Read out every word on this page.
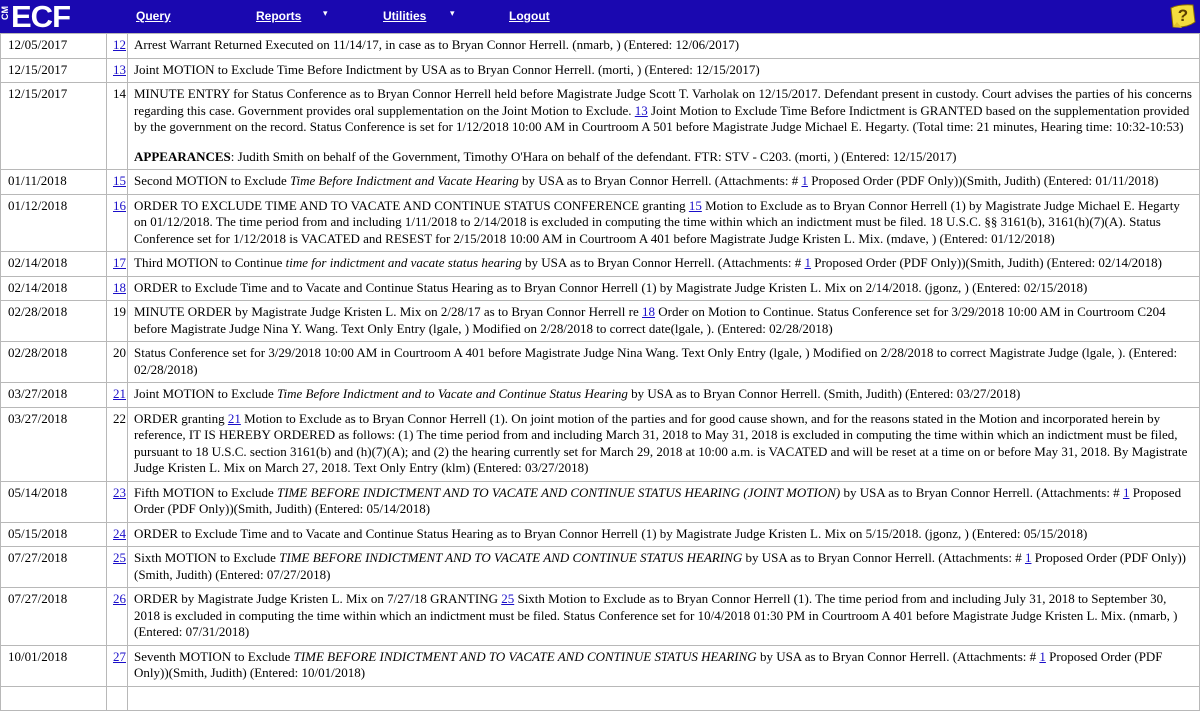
CM ECF	Query	Reports ▾	Utilities	▾	Logout	?
12/05/2017	12	Arrest Warrant Returned Executed on 11/14/17, in case as to Bryan Connor Herrell. (nmarb, ) (Entered: 12/06/2017)
12/15/2017	13	Joint MOTION to Exclude Time Before Indictment by USA as to Bryan Connor Herrell. (morti, ) (Entered: 12/15/2017)
12/15/2017	14	MINUTE ENTRY for Status Conference as to Bryan Connor Herrell held before Magistrate Judge Scott T. Varholak on 12/15/2017. Defendant present in custody. Court advises the parties of his concerns regarding this case. Government provides oral supplementation on the Joint Motion to Exclude. 13 Joint Motion to Exclude Time Before Indictment is GRANTED based on the supplementation provided by the government on the record. Status Conference is set for 1/12/2018 10:00 AM in Courtroom A 501 before Magistrate Judge Michael E. Hegarty. (Total time: 21 minutes, Hearing time: 10:32-10:53)
APPEARANCES: Judith Smith on behalf of the Government, Timothy O'Hara on behalf of the defendant. FTR: STV - C203. (morti, ) (Entered: 12/15/2017)

01/11/2018	15	Second MOTION to Exclude Time Before Indictment and Vacate Hearing by USA as to Bryan Connor Herrell. (Attachments: # 1 Proposed Order (PDF Only))(Smith, Judith) (Entered: 01/11/2018)
01/12/2018	16	ORDER TO EXCLUDE TIME AND TO VACATE AND CONTINUE STATUS CONFERENCE granting 15 Motion to Exclude as to Bryan Connor Herrell (1) by Magistrate Judge Michael E. Hegarty on 01/12/2018. The time period from and including 1/11/2018 to 2/14/2018 is excluded in computing the time within which an indictment must be filed. 18 U.S.C. §§ 3161(b), 3161(h)(7)(A). Status Conference set for 1/12/2018 is VACATED and RESEST for 2/15/2018 10:00 AM in Courtroom A 401 before Magistrate Judge Kristen L. Mix. (mdave, ) (Entered: 01/12/2018)
02/14/2018	17	Third MOTION to Continue time for indictment and vacate status hearing by USA as to Bryan Connor Herrell. (Attachments: # 1 Proposed Order (PDF Only))(Smith, Judith) (Entered: 02/14/2018)
02/14/2018	18	ORDER to Exclude Time and to Vacate and Continue Status Hearing as to Bryan Connor Herrell (1) by Magistrate Judge Kristen L. Mix on 2/14/2018. (jgonz, ) (Entered: 02/15/2018)
02/28/2018	19	MINUTE ORDER by Magistrate Judge Kristen L. Mix on 2/28/17 as to Bryan Connor Herrell re 18 Order on Motion to Continue. Status Conference set for 3/29/2018 10:00 AM in Courtroom C204 before Magistrate Judge Nina Y. Wang. Text Only Entry (lgale, ) Modified on 2/28/2018 to correct date(lgale, ). (Entered: 02/28/2018)
02/28/2018	20	Status Conference set for 3/29/2018 10:00 AM in Courtroom A 401 before Magistrate Judge Nina Wang. Text Only Entry (lgale, ) Modified on 2/28/2018 to correct Magistrate Judge (lgale, ). (Entered: 02/28/2018)
03/27/2018	21	Joint MOTION to Exclude Time Before Indictment and to Vacate and Continue Status Hearing by USA as to Bryan Connor Herrell. (Smith, Judith) (Entered: 03/27/2018)
03/27/2018	22	ORDER granting 21 Motion to Exclude as to Bryan Connor Herrell (1). On joint motion of the parties and for good cause shown, and for the reasons stated in the Motion and incorporated herein by reference, IT IS HEREBY ORDERED as follows: (1) The time period from and including March 31, 2018 to May 31, 2018 is excluded in computing the time within which an indictment must be filed, pursuant to 18 U.S.C. section 3161(b) and (h)(7)(A); and (2) the hearing currently set for March 29, 2018 at 10:00 a.m. is VACATED and will be reset at a time on or before May 31, 2018. By Magistrate Judge Kristen L. Mix on March 27, 2018. Text Only Entry (klm) (Entered: 03/27/2018)
05/14/2018	23	Fifth MOTION to Exclude TIME BEFORE INDICTMENT AND TO VACATE AND CONTINUE STATUS HEARING (JOINT MOTION) by USA as to Bryan Connor Herrell. (Attachments: # 1 Proposed Order (PDF Only))(Smith, Judith) (Entered: 05/14/2018)
05/15/2018	24	ORDER to Exclude Time and to Vacate and Continue Status Hearing as to Bryan Connor Herrell (1) by Magistrate Judge Kristen L. Mix on 5/15/2018. (jgonz, ) (Entered: 05/15/2018)
07/27/2018	25	Sixth MOTION to Exclude TIME BEFORE INDICTMENT AND TO VACATE AND CONTINUE STATUS HEARING by USA as to Bryan Connor Herrell. (Attachments: # 1 Proposed Order (PDF Only))(Smith, Judith) (Entered: 07/27/2018)
07/27/2018	26	ORDER by Magistrate Judge Kristen L. Mix on 7/27/18 GRANTING 25 Sixth Motion to Exclude as to Bryan Connor Herrell (1). The time period from and including July 31, 2018 to September 30, 2018 is excluded in computing the time within which an indictment must be filed. Status Conference set for 10/4/2018 01:30 PM in Courtroom A 401 before Magistrate Judge Kristen L. Mix. (nmarb, ) (Entered: 07/31/2018)
10/01/2018	27	Seventh MOTION to Exclude TIME BEFORE INDICTMENT AND TO VACATE AND CONTINUE STATUS HEARING by USA as to Bryan Connor Herrell. (Attachments: # 1 Proposed Order (PDF Only))(Smith, Judith) (Entered: 10/01/2018)
